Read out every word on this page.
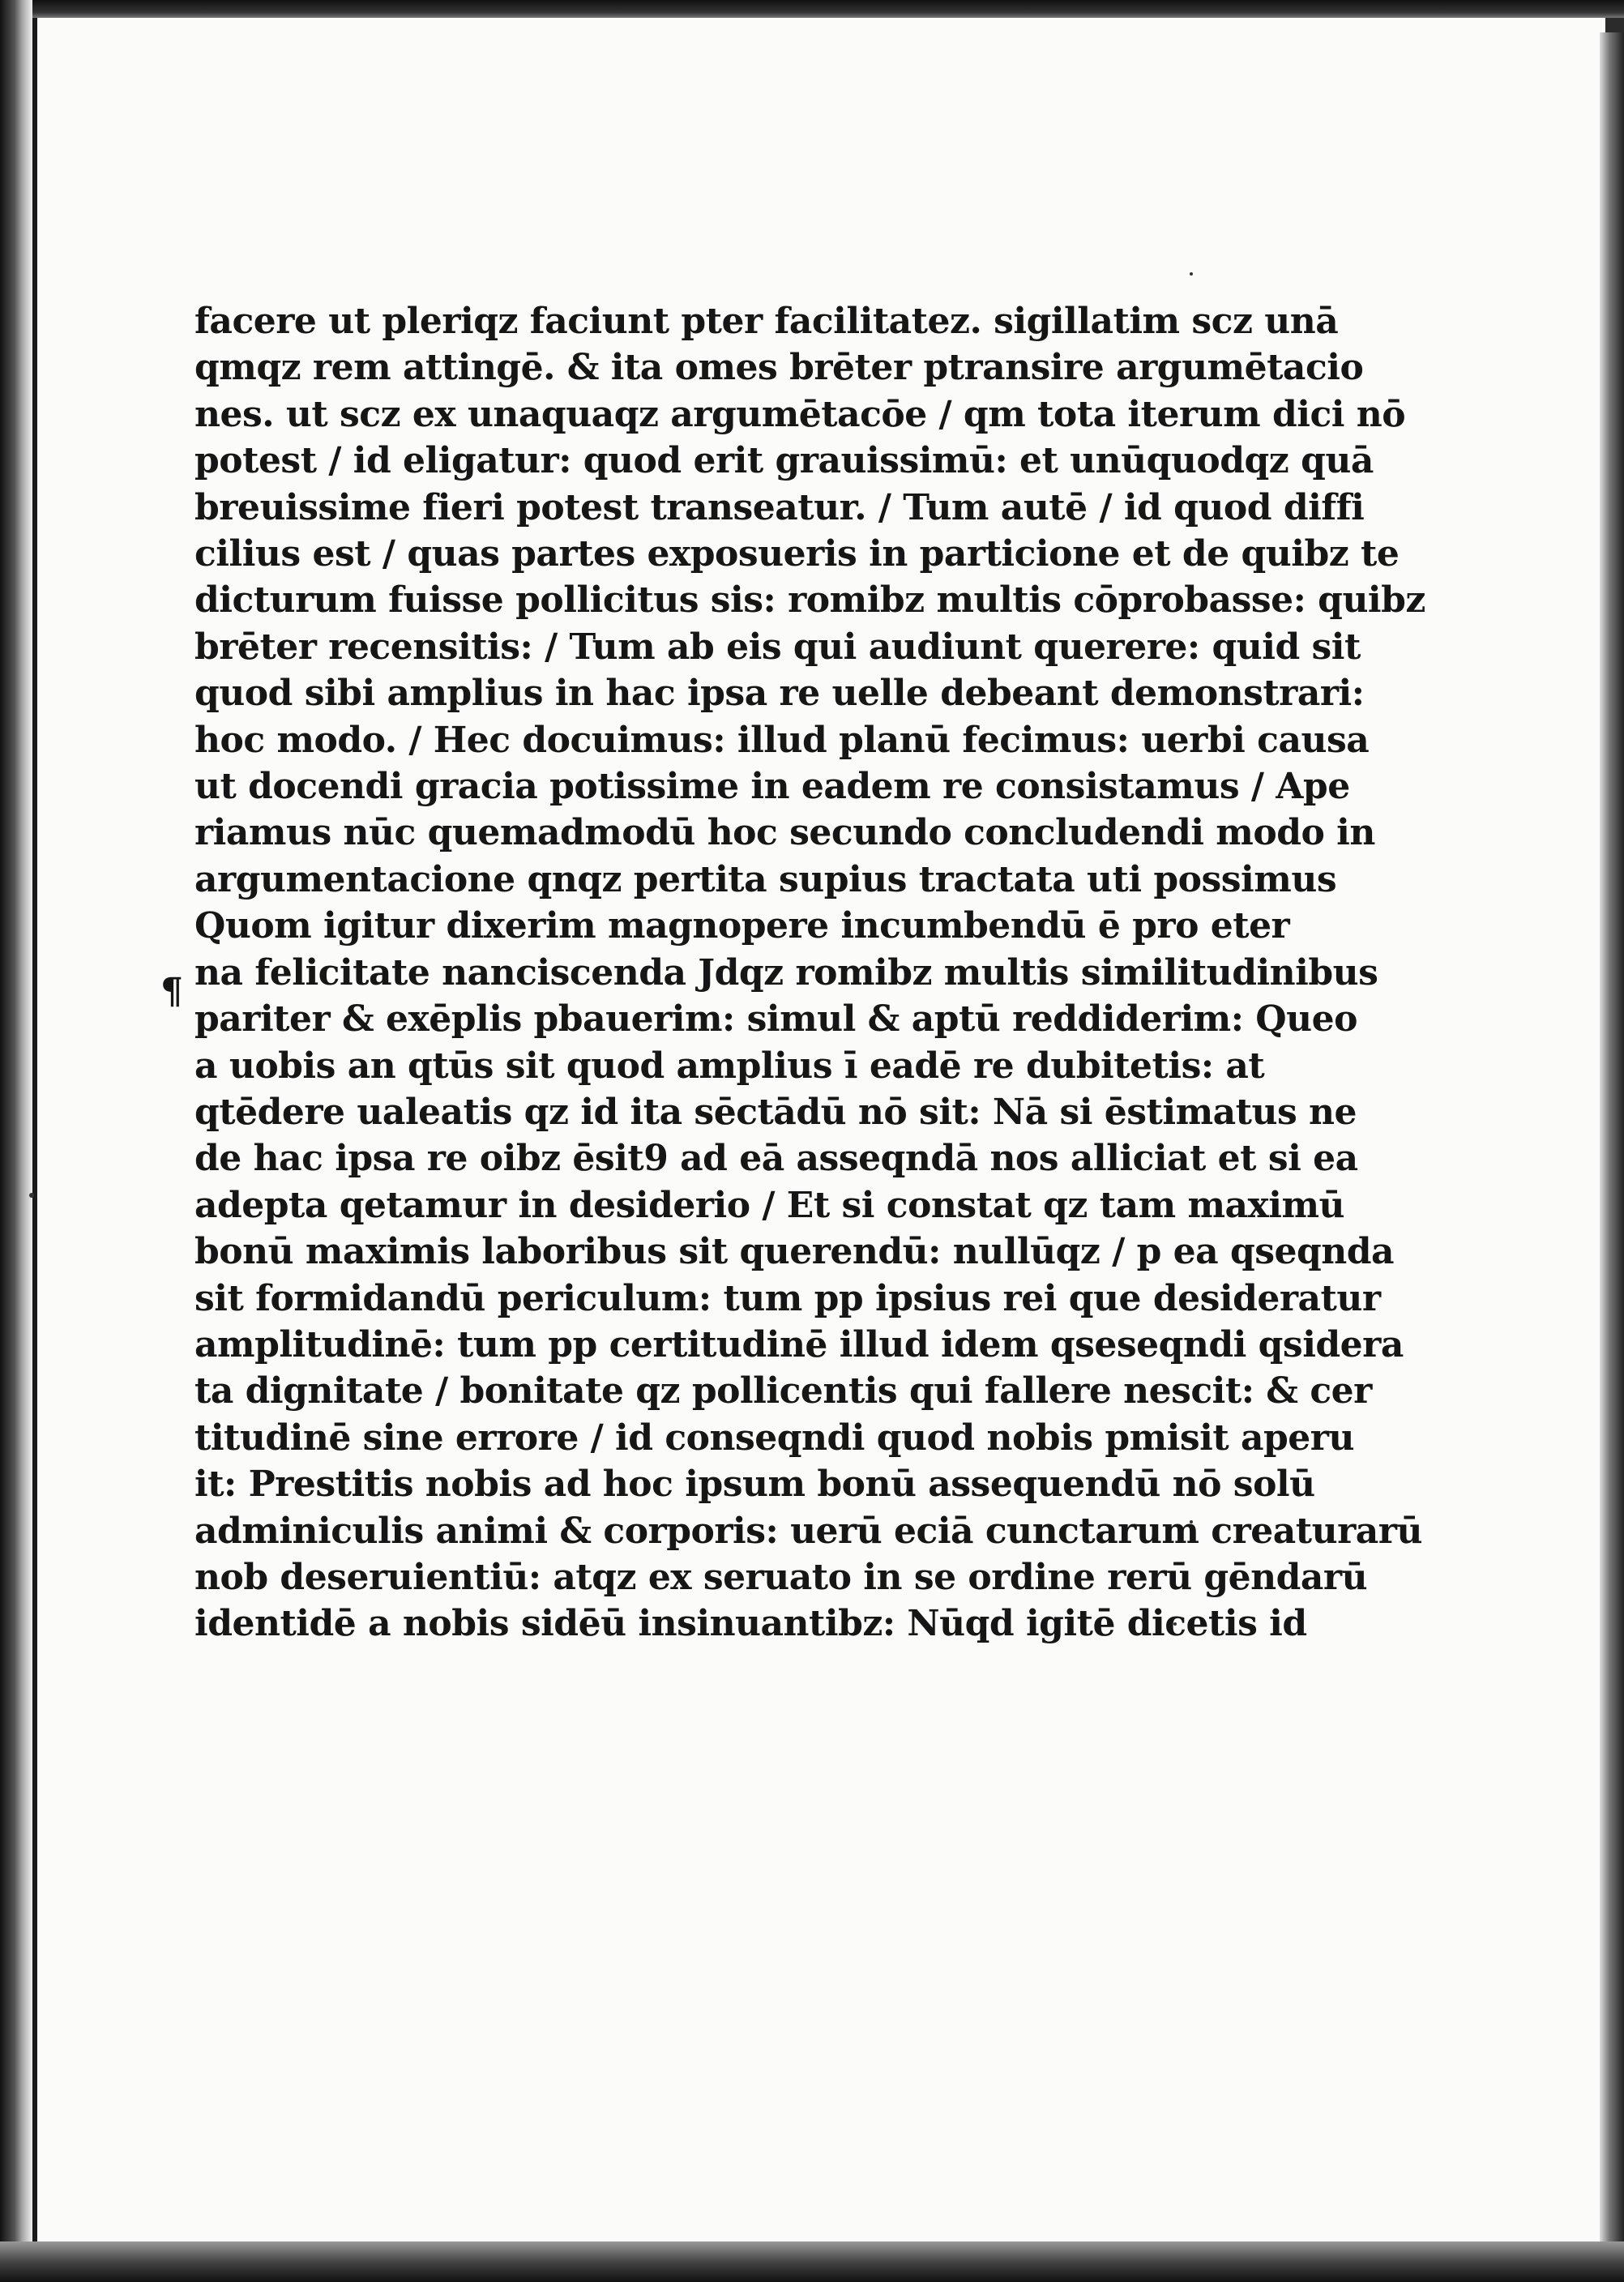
¶
facere ut pleriqz faciunt pter facilitatez. sigillatim scz unā
qmqz rem attingē. & ita omes brēter ptransire argumētacio
nes. ut scz ex unaquaqz argumētacōe / qm tota iterum dici nō
potest / id eligatur: quod erit grauissimū: et unūquodqz quā
breuissime fieri potest transeatur. / Tum autē / id quod diffi
cilius est / quas partes exposueris in particione et de quibz te
dicturum fuisse pollicitus sis: romibz multis cōprobasse: quibz
brēter recensitis: / Tum ab eis qui audiunt querere: quid sit
quod sibi amplius in hac ipsa re uelle debeant demonstrari:
hoc modo. / Hec docuimus: illud planū fecimus: uerbi causa
ut docendi gracia potissime in eadem re consistamus / Ape
riamus nūc quemadmodū hoc secundo concludendi modo in
argumentacione qnqz pertita supius tractata uti possimus
Quom igitur dixerim magnopere incumbendū ē pro eter
na felicitate nanciscenda Jdqz romibz multis similitudinibus
pariter & exēplis pbauerim: simul & aptū reddiderim: Queo
a uobis an qtūs sit quod amplius ī eadē re dubitetis: at
qtēdere ualeatis qz id ita sēctādū nō sit: Nā si ēstimatus ne
de hac ipsa re oibz ēsit9 ad eā asseqndā nos alliciat et si ea
adepta qetamur in desiderio / Et si constat qz tam maximū
bonū maximis laboribus sit querendū: nullūqz / p ea qseqnda
sit formidandū periculum: tum pp ipsius rei que desideratur
amplitudinē: tum pp certitudinē illud idem qseseqndi qsidera
ta dignitate / bonitate qz pollicentis qui fallere nescit: & cer
titudinē sine errore / id conseqndi quod nobis pmisit aperu
it: Prestitis nobis ad hoc ipsum bonū assequendū nō solū
adminiculis animi & corporis: uerū eciā cunctarum creaturarū
nob deseruientiū: atqz ex seruato in se ordine rerū gēndarū
identidē a nobis sidēū insinuantibz: Nūqd igitē dicetis id
